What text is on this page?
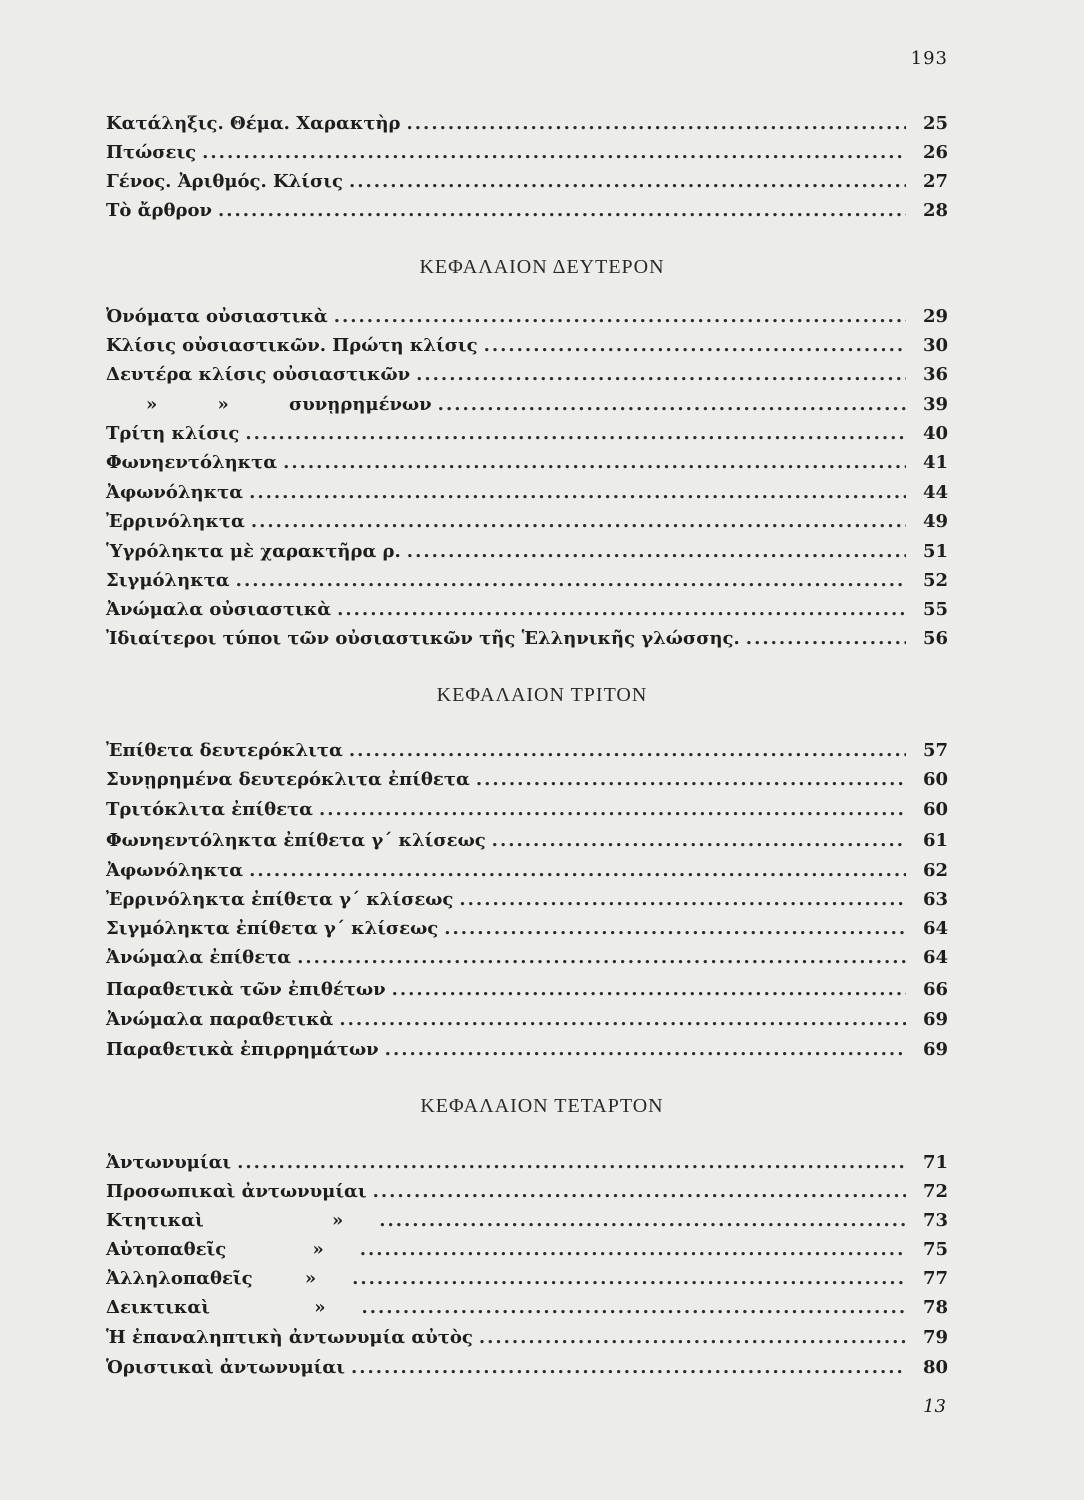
193
Κατάληξις. Θέμα. Χαρακτὴρ .....	25
Πτώσεις .....	26
Γένος. Ἀριθμός. Κλίσις .....	27
Τὸ ἄρθρον .....	28
ΚΕΦΑΛΑΙΟΝ ΔΕΥΤΕΡΟΝ
Ὀνόματα οὐσιαστικὰ .....	29
Κλίσις οὐσιαστικῶν. Πρώτη κλίσις .....	30
Δευτέρα κλίσις οὐσιαστικῶν .....	36
» » συνῃρημένων .....	39
Τρίτη κλίσις .....	40
Φωνηεντόληκτα .....	41
Ἀφωνόληκτα .....	44
Ἐρρινόληκτα .....	49
Ὑγρόληκτα μὲ χαρακτῆρα ρ. .....	51
Σιγμόληκτα .....	52
Ἀνώμαλα οὐσιαστικὰ .....	55
Ἰδιαίτεροι τύποι τῶν οὐσιαστικῶν τῆς Ἑλληνικῆς γλώσσης. .....	56
ΚΕΦΑΛΑΙΟΝ ΤΡΙΤΟΝ
Ἐπίθετα δευτερόκλιτα .....	57
Συνῃρημένα δευτερόκλιτα ἐπίθετα .....	60
Τριτόκλιτα ἐπίθετα .....	60
Φωνηεντόληκτα ἐπίθετα γ΄ κλίσεως .....	61
Ἀφωνόληκτα .....	62
Ἐρρινόληκτα ἐπίθετα γ΄ κλίσεως .....	63
Σιγμόληκτα ἐπίθετα γ΄ κλίσεως .....	64
Ἀνώμαλα ἐπίθετα .....	64
Παραθετικὰ τῶν ἐπιθέτων .....	66
Ἀνώμαλα παραθετικὰ .....	69
Παραθετικὰ ἐπιρρημάτων .....	69
ΚΕΦΑΛΑΙΟΝ ΤΕΤΑΡΤΟΝ
Ἀντωνυμίαι .....	71
Προσωπικαὶ ἀντωνυμίαι .....	72
Κτητικαὶ » .....	73
Αὐτοπαθεῖς » .....	75
Ἀλληλοπαθεῖς » .....	77
Δεικτικαὶ » .....	78
Ἡ ἐπαναληπτικὴ ἀντωνυμία αὐτὸς .....	79
Ὁριστικαὶ ἀντωνυμίαι .....	80
13
